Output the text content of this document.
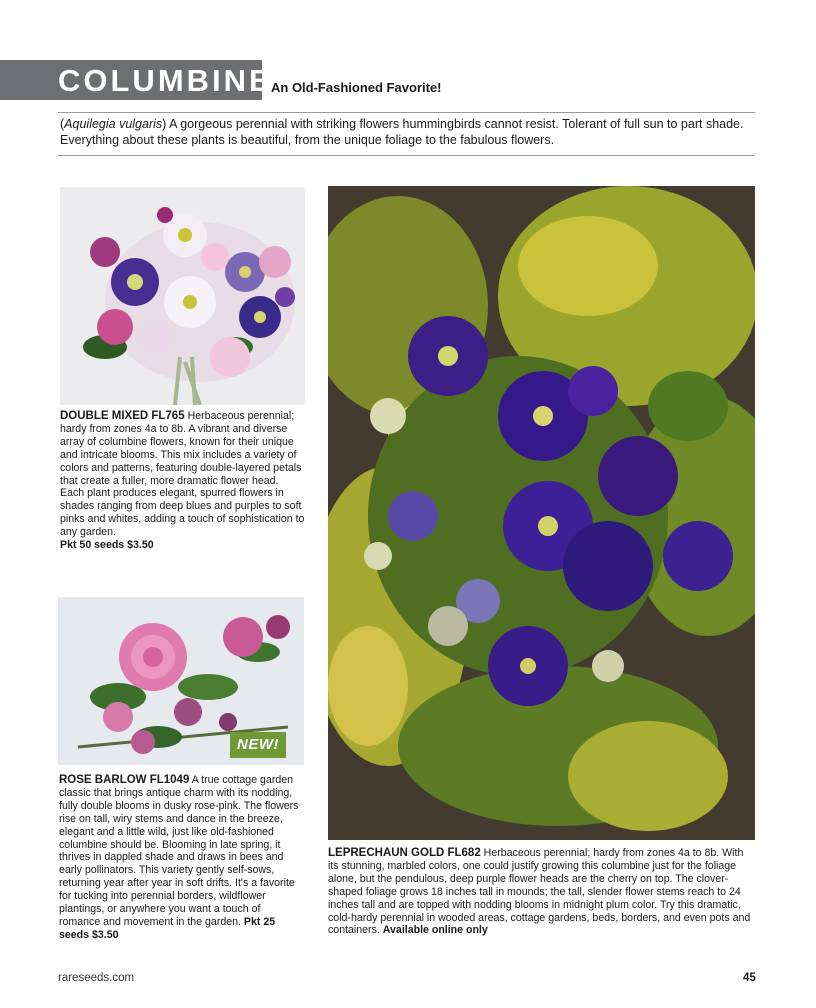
COLUMBINE
An Old-Fashioned Favorite!
(Aquilegia vulgaris) A gorgeous perennial with striking flowers hummingbirds cannot resist. Tolerant of full sun to part shade. Everything about these plants is beautiful, from the unique foliage to the fabulous flowers.
DOUBLE MIXED FL765 Herbaceous perennial; hardy from zones 4a to 8b. A vibrant and diverse array of columbine flowers, known for their unique and intricate blooms. This mix includes a variety of colors and patterns, featuring double-layered petals that create a fuller, more dramatic flower head. Each plant produces elegant, spurred flowers in shades ranging from deep blues and purples to soft pinks and whites, adding a touch of sophistication to any garden.
Pkt 50 seeds $3.50
NEW!
ROSE BARLOW FL1049 A true cottage garden classic that brings antique charm with its nodding, fully double blooms in dusky rose-pink. The flowers rise on tall, wiry stems and dance in the breeze, elegant and a little wild, just like old-fashioned columbine should be. Blooming in late spring, it thrives in dappled shade and draws in bees and early pollinators. This variety gently self-sows, returning year after year in soft drifts. It's a favorite for tucking into perennial borders, wildflower plantings, or anywhere you want a touch of romance and movement in the garden. Pkt 25 seeds $3.50
LEPRECHAUN GOLD FL682 Herbaceous perennial; hardy from zones 4a to 8b. With its stunning, marbled colors, one could justify growing this columbine just for the foliage alone, but the pendulous, deep purple flower heads are the cherry on top. The clover-shaped foliage grows 18 inches tall in mounds; the tall, slender flower stems reach to 24 inches tall and are topped with nodding blooms in midnight plum color. Try this dramatic, cold-hardy perennial in wooded areas, cottage gardens, beds, borders, and even pots and containers. Available online only
rareseeds.com	45
